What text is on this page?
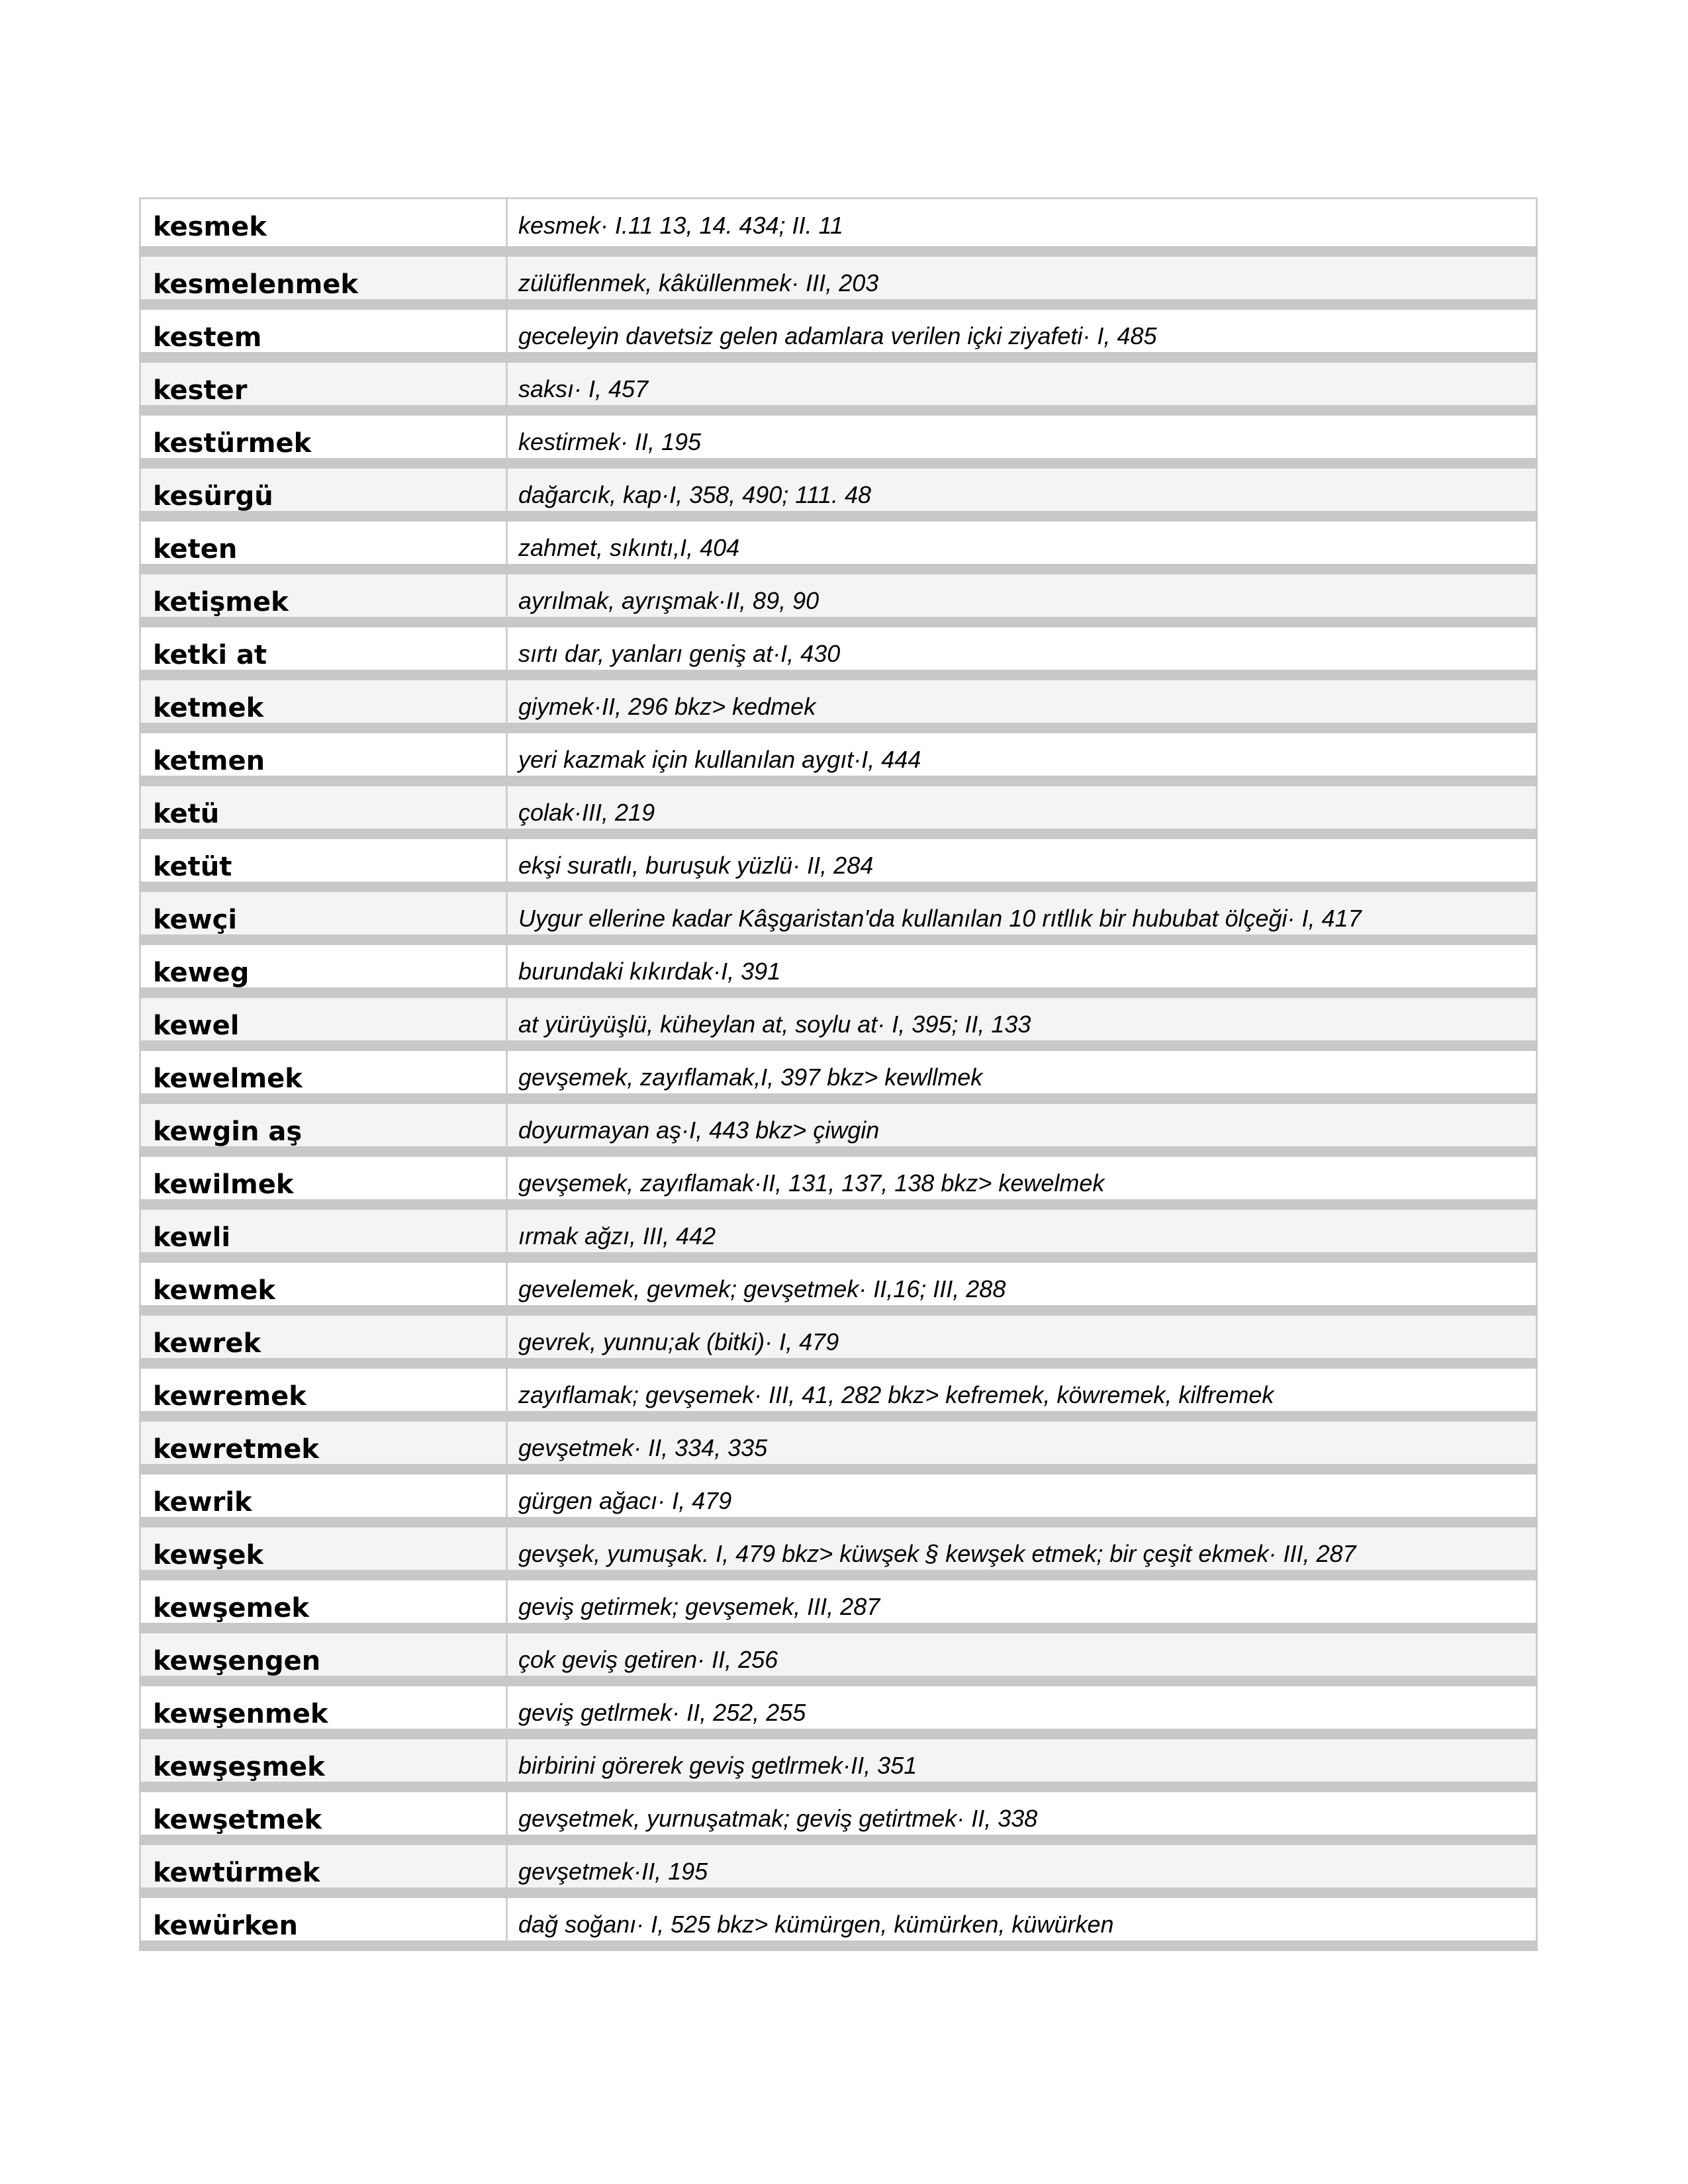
kesmek	kesmek· I.11 13, 14. 434; II. 11

kesmelenmek	zülüflenmek, kâküllenmek· III, 203

kestem	geceleyin davetsiz gelen adamlara verilen içki ziyafeti· I, 485

kester	saksı· I, 457

kestürmek	kestirmek· II, 195

kesürgü	dağarcık, kap·I, 358, 490; 111. 48

keten	zahmet, sıkıntı,I, 404

ketişmek	ayrılmak, ayrışmak·II, 89, 90

ketki at	sırtı dar, yanları geniş at·I, 430

ketmek	giymek·II, 296 bkz> kedmek

ketmen	yeri kazmak için kullanılan aygıt·I, 444

ketü	çolak·III, 219

ketüt	ekşi suratlı, buruşuk yüzlü· II, 284

kewçi	Uygur ellerine kadar Kâşgaristan'da kullanılan 10 rıtllık bir hububat ölçeği· I, 417

keweg	burundaki kıkırdak·I, 391

kewel	at yürüyüşlü, küheylan at, soylu at· I, 395; II, 133

kewelmek	gevşemek, zayıflamak,I, 397 bkz> kewllmek

kewgin aş	doyurmayan aş·I, 443 bkz> çiwgin

kewilmek	gevşemek, zayıflamak·II, 131, 137, 138 bkz> kewelmek

kewli	ırmak ağzı, III, 442

kewmek	gevelemek, gevmek; gevşetmek· II,16; III, 288

kewrek	gevrek, yunnu;ak (bitki)· I, 479

kewremek	zayıflamak; gevşemek· III, 41, 282 bkz> kefremek, köwremek, kilfremek

kewretmek	gevşetmek· II, 334, 335

kewrik	gürgen ağacı· I, 479

kewşek	gevşek, yumuşak. I, 479 bkz> küwşek § kewşek etmek; bir çeşit ekmek· III, 287

kewşemek	geviş getirmek; gevşemek, III, 287

kewşengen	çok geviş getiren· II, 256

kewşenmek	geviş getlrmek· II, 252, 255

kewşeşmek	birbirini görerek geviş getlrmek·II, 351

kewşetmek	gevşetmek, yurnuşatmak; geviş getirtmek· II, 338

kewtürmek	gevşetmek·II, 195

kewürken	dağ soğanı· I, 525 bkz> kümürgen, kümürken, küwürken
